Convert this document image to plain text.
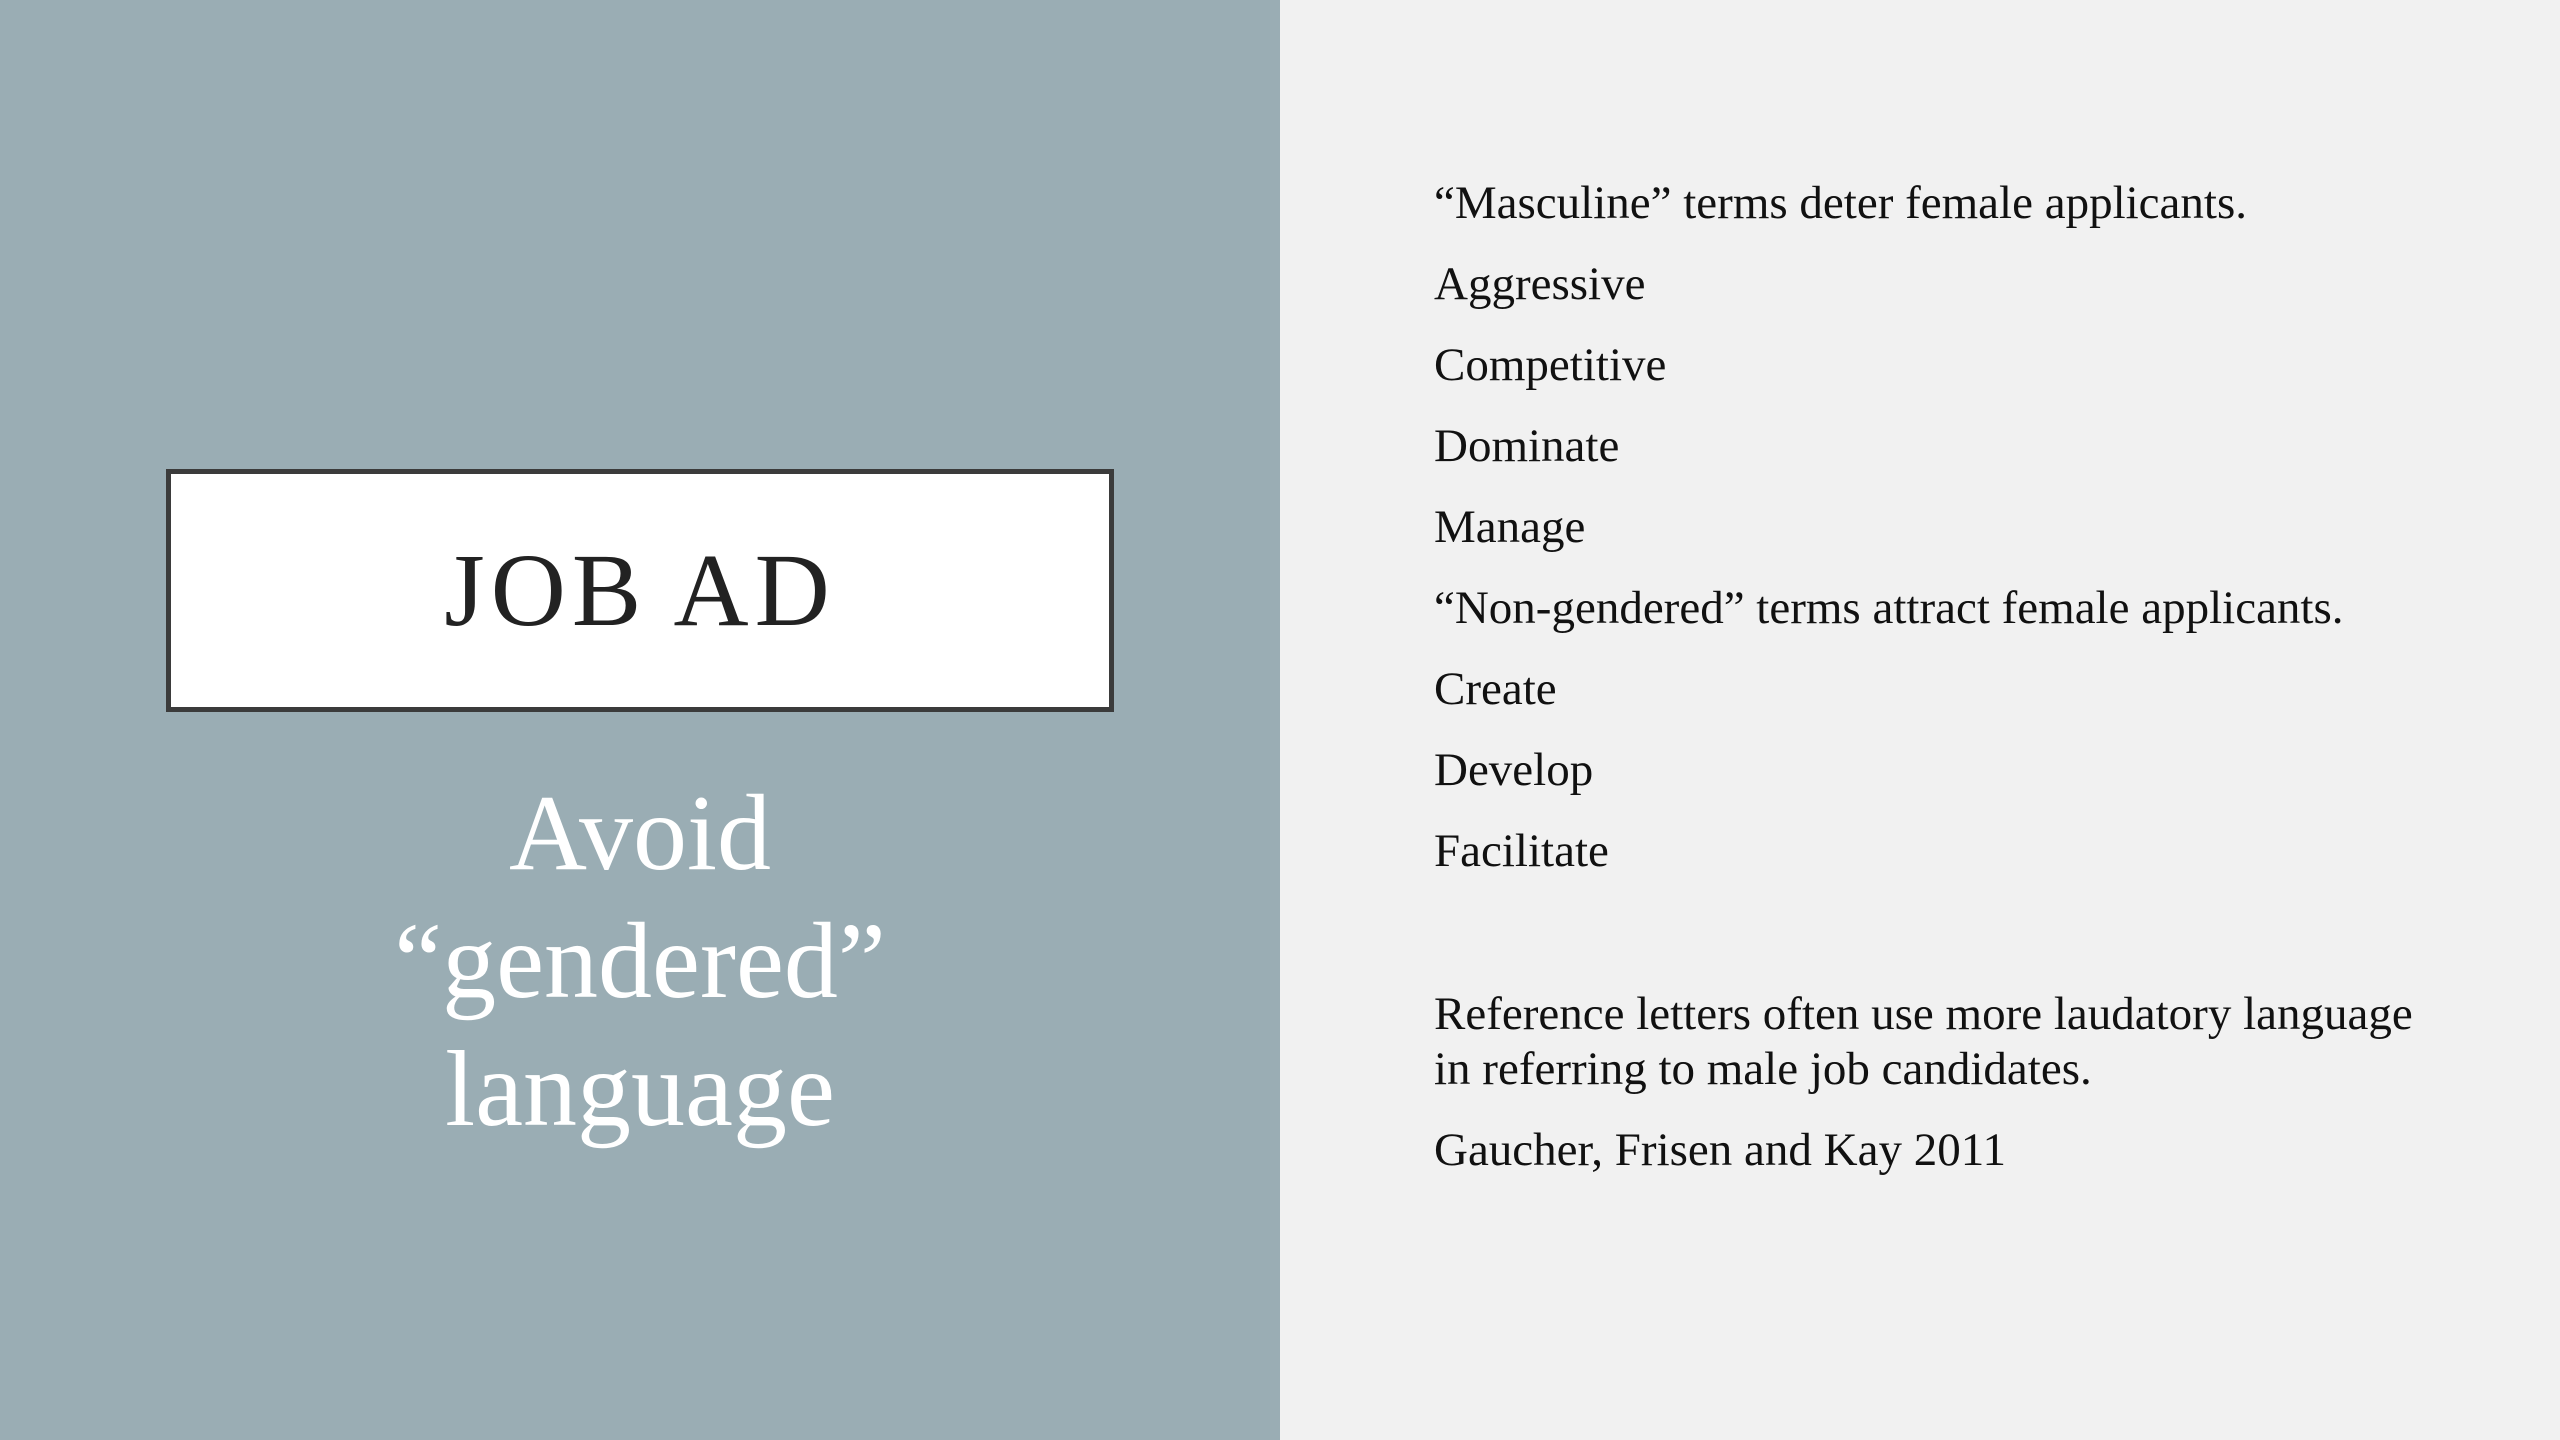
JOB AD
Avoid
“gendered”
language

“Masculine” terms deter female applicants.

Aggressive

Competitive

Dominate

Manage

“Non-gendered” terms attract female applicants.

Create

Develop

Facilitate

Reference letters often use more laudatory language in referring to male job candidates.

Gaucher, Frisen and Kay 2011
